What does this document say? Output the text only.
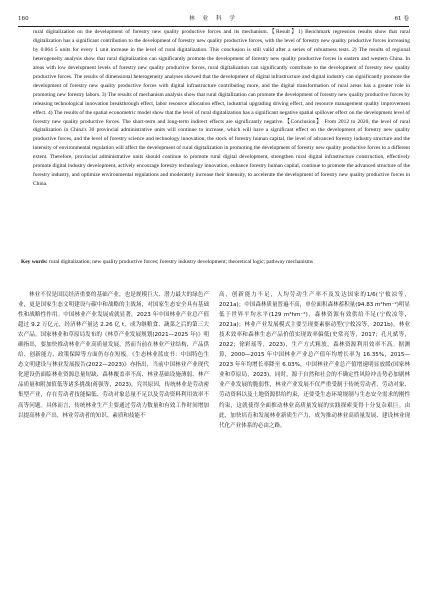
160	林 业 科 学	61 卷

rural digitalization on the development of forestry new quality productive forces and its mechanism.【Result】1) Benchmark regression results show that rural digitalization has a significant contribution to the development of forestry new quality productive forces, with the level of forestry new quality productive forces increasing by 0.064 5 units for every 1 unit increase in the level of rural digitalization. This conclusion is still valid after a series of robustness tests. 2) The results of regional heterogeneity analysis show that rural digitalization can significantly promote the development of forestry new quality productive forces in eastern and western China. In areas with low development levels of forestry new quality productive forces, rural digitalization can significantly contribute to the development of forestry new quality productive forces. The results of dimensional heterogeneity analyses showed that the development of digital infrastructure and digital industry can significantly promote the development of forestry new quality productive forces with digital infrastructure contributing more, and the digital transformation of rural areas has a greater role in promoting new forestry labors. 3) The results of mechanism analysis show that rural digitalization can promote the development of forestry new quality productive forces by releasing technological innovation breakthrough effect, labor resource allocation effect, industrial upgrading driving effect, and resource management quality improvement effect. 4) The results of the spatial econometric model show that the level of rural digitalization has a significant negative spatial spillover effect on the development level of forestry new quality productive forces. The short-term and long-term indirect effects are significantly negative.【Conclusion】 From 2012 to 2020, the level of rural digitalization in China's 30 provincial administrative units will continue to increase, which will have a significant effect on the development of forestry new quality productive forces, and the level of forestry science and technology innovation, the stock of forestry human capital, the level of advanced forestry industry structure and the intensity of environmental regulation will affect the development of rural digitalization in promoting the development of forestry new quality productive forces to a different extent. Therefore, provincial administrative units should continue to promote rural digital development, strengthen rural digital infrastructure construction, effectively promote digital industry development, actively encourage forestry technology innovation, enhance forestry human capital, continue to promote the advanced structure of the forestry industry, and optimize environmental regulations and moderately increase their intensity, to accelerate the development of forestry new quality productive forces in China.

Key words: rural digitalization; new quality productive forces; forestry industry development; theoretical logic; pathway mechanisms

林业不仅是国民经济重要的基础产业，也是规模巨大、潜力最大的绿色产业，更是国家生态文明建设与碳中和战略的主战场，对国家生态安全具有基础性和战略性作用。中国林业产业发展成就显著，2023 年中国林业产业总产值超过 9.2 万亿元，经济林产量达 2.26 亿 t，成为继粮食、蔬菜之后的第三大农产品。国家林业和草原局发布的《林草产业发展规划(2021—2025 年)》明确指出，要加快推动林业产业高质量发展，然而当前在林业产业结构、产品供给、创新能力、政策保障等方面仍存在短板。《生态林业蓝皮书：中国特色生态文明建设与林业发展报告(2022—2023)》亦指出，当前中国林业产业现代化建设仍面临林业资源总量短缺、森林覆盖率不高、林业基础设施薄弱、林产品质量和附加值低等诸多挑战(蒋强等，2023)。究其原因，传统林业是劳动密集型产业，存在劳动者技能偏低、劳动对象总量不足以及劳动资料利用效率不高等问题。具体而言，传统林业生产主要通过劳动力数量和有效工作时间增加以提高林业产出，林业劳动者的知识、素质和技能不

高，创新能力不足，人均劳动生产率不及发达国家的1/6(宁攸凉等，2021a)；中国森林质量普遍不高，单位面积森林蓄积量(94.83 m³hm⁻²)明显低于世界平均水平(129 m³hm⁻²)，森林资源有效供给不足(宁攸凉等，2021a)；林业产业发展模式主要呈现要素驱动型(宁攸凉等，2021b)，林业技术效率和森林生态产品价值实现效率偏低(史常亮等，2017；孔凡斌等，2022；徐彩瑶等，2023)，生产方式粗放，森林资源利用效率不高。据测算，2000—2015 年中国林业产业总产值年均增长率为 16.35%，2015—2023 年年均增长率降至 6.03%，中国林业产业总产值增速明显放缓(国家林业和草原局，2023)。同时，源于自然和社会的不确定性风险冲击势必加剧林业产业发展的脆弱性，林业产业发展不仅严重受制于传统劳动者、劳动对象、劳动资料以及土地资源供给约束，还要受生态环境规制与生态安全需求的刚性约束，这就使得全面推动林业高质量发展的实践探索变得十分复杂艰巨。由此，加快培育和发展林业新质生产力，成为推动林业高质量发展、建设林业现代化产业体系的必由之路。
